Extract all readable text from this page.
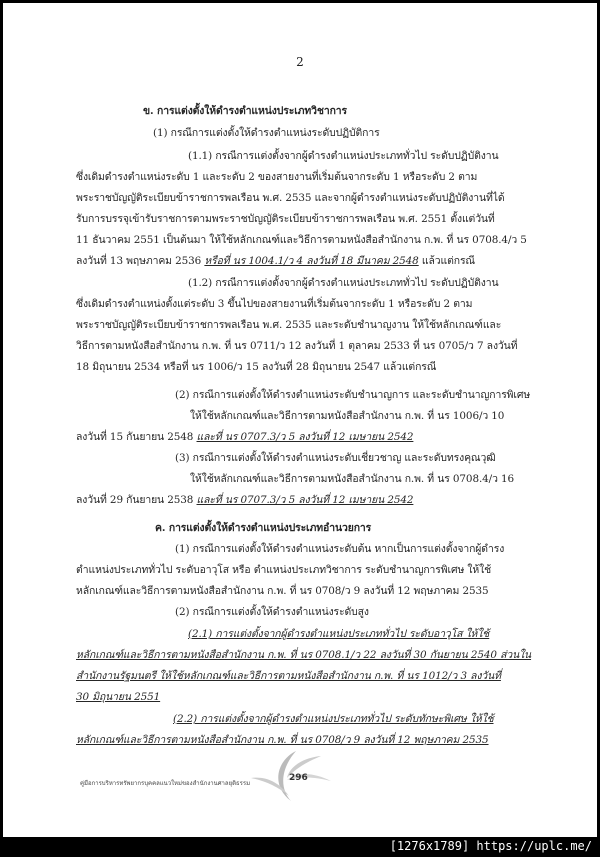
2
ข. การแต่งตั้งให้ดำรงตำแหน่งประเภทวิชาการ
(1) กรณีการแต่งตั้งให้ดำรงตำแหน่งระดับปฏิบัติการ
(1.1) กรณีการแต่งตั้งจากผู้ดำรงตำแหน่งประเภททั่วไป ระดับปฏิบัติงาน
ซึ่งเดิมดำรงตำแหน่งระดับ 1 และระดับ 2 ของสายงานที่เริ่มต้นจากระดับ 1 หรือระดับ 2 ตาม
พระราชบัญญัติระเบียบข้าราชการพลเรือน พ.ศ. 2535 และจากผู้ดำรงตำแหน่งระดับปฏิบัติงานที่ได้
รับการบรรจุเข้ารับราชการตามพระราชบัญญัติระเบียบข้าราชการพลเรือน พ.ศ. 2551 ตั้งแต่วันที่
11 ธันวาคม 2551 เป็นต้นมา ให้ใช้หลักเกณฑ์และวิธีการตามหนังสือสำนักงาน ก.พ. ที่ นร 0708.4/ว 5
ลงวันที่ 13 พฤษภาคม 2536 หรือที่ นร 1004.1/ว 4 ลงวันที่ 18 มีนาคม 2548 แล้วแต่กรณี
(1.2) กรณีการแต่งตั้งจากผู้ดำรงตำแหน่งประเภททั่วไป ระดับปฏิบัติงาน
ซึ่งเดิมดำรงตำแหน่งตั้งแต่ระดับ 3 ขึ้นไปของสายงานที่เริ่มต้นจากระดับ 1 หรือระดับ 2 ตาม
พระราชบัญญัติระเบียบข้าราชการพลเรือน พ.ศ. 2535 และระดับชำนาญงาน ให้ใช้หลักเกณฑ์และ
วิธีการตามหนังสือสำนักงาน ก.พ. ที่ นร 0711/ว 12 ลงวันที่ 1 ตุลาคม 2533 ที่ นร 0705/ว 7 ลงวันที่
18 มิถุนายน 2534 หรือที่ นร 1006/ว 15 ลงวันที่ 28 มิถุนายน 2547 แล้วแต่กรณี
(2) กรณีการแต่งตั้งให้ดำรงตำแหน่งระดับชำนาญการ และระดับชำนาญการพิเศษ
ให้ใช้หลักเกณฑ์และวิธีการตามหนังสือสำนักงาน ก.พ. ที่ นร 1006/ว 10
ลงวันที่ 15 กันยายน 2548 และที่ นร 0707.3/ว 5 ลงวันที่ 12 เมษายน 2542
(3) กรณีการแต่งตั้งให้ดำรงตำแหน่งระดับเชี่ยวชาญ และระดับทรงคุณวุฒิ
ให้ใช้หลักเกณฑ์และวิธีการตามหนังสือสำนักงาน ก.พ. ที่ นร 0708.4/ว 16
ลงวันที่ 29 กันยายน 2538 และที่ นร 0707.3/ว 5 ลงวันที่ 12 เมษายน 2542
ค. การแต่งตั้งให้ดำรงตำแหน่งประเภทอำนวยการ
(1) กรณีการแต่งตั้งให้ดำรงตำแหน่งระดับต้น หากเป็นการแต่งตั้งจากผู้ดำรง
ตำแหน่งประเภททั่วไป ระดับอาวุโส หรือ ตำแหน่งประเภทวิชาการ ระดับชำนาญการพิเศษ ให้ใช้
หลักเกณฑ์และวิธีการตามหนังสือสำนักงาน ก.พ. ที่ นร 0708/ว 9 ลงวันที่ 12 พฤษภาคม 2535
(2) กรณีการแต่งตั้งให้ดำรงตำแหน่งระดับสูง
(2.1) การแต่งตั้งจากผู้ดำรงตำแหน่งประเภททั่วไป ระดับอาวุโส ให้ใช้
หลักเกณฑ์และวิธีการตามหนังสือสำนักงาน ก.พ. ที่ นร 0708.1/ว 22 ลงวันที่ 30 กันยายน 2540 ส่วนใน
สำนักงานรัฐมนตรี ให้ใช้หลักเกณฑ์และวิธีการตามหนังสือสำนักงาน ก.พ. ที่ นร 1012/ว 3 ลงวันที่
30 มิถุนายน 2551
(2.2) การแต่งตั้งจากผู้ดำรงตำแหน่งประเภททั่วไป ระดับทักษะพิเศษ ให้ใช้
หลักเกณฑ์และวิธีการตามหนังสือสำนักงาน ก.พ. ที่ นร 0708/ว 9 ลงวันที่ 12 พฤษภาคม 2535
คู่มือการบริหารทรัพยากรบุคคลแนวใหม่ของสำนักงานศาลยุติธรรม
296
[1276x1789] https://uplc.me/
